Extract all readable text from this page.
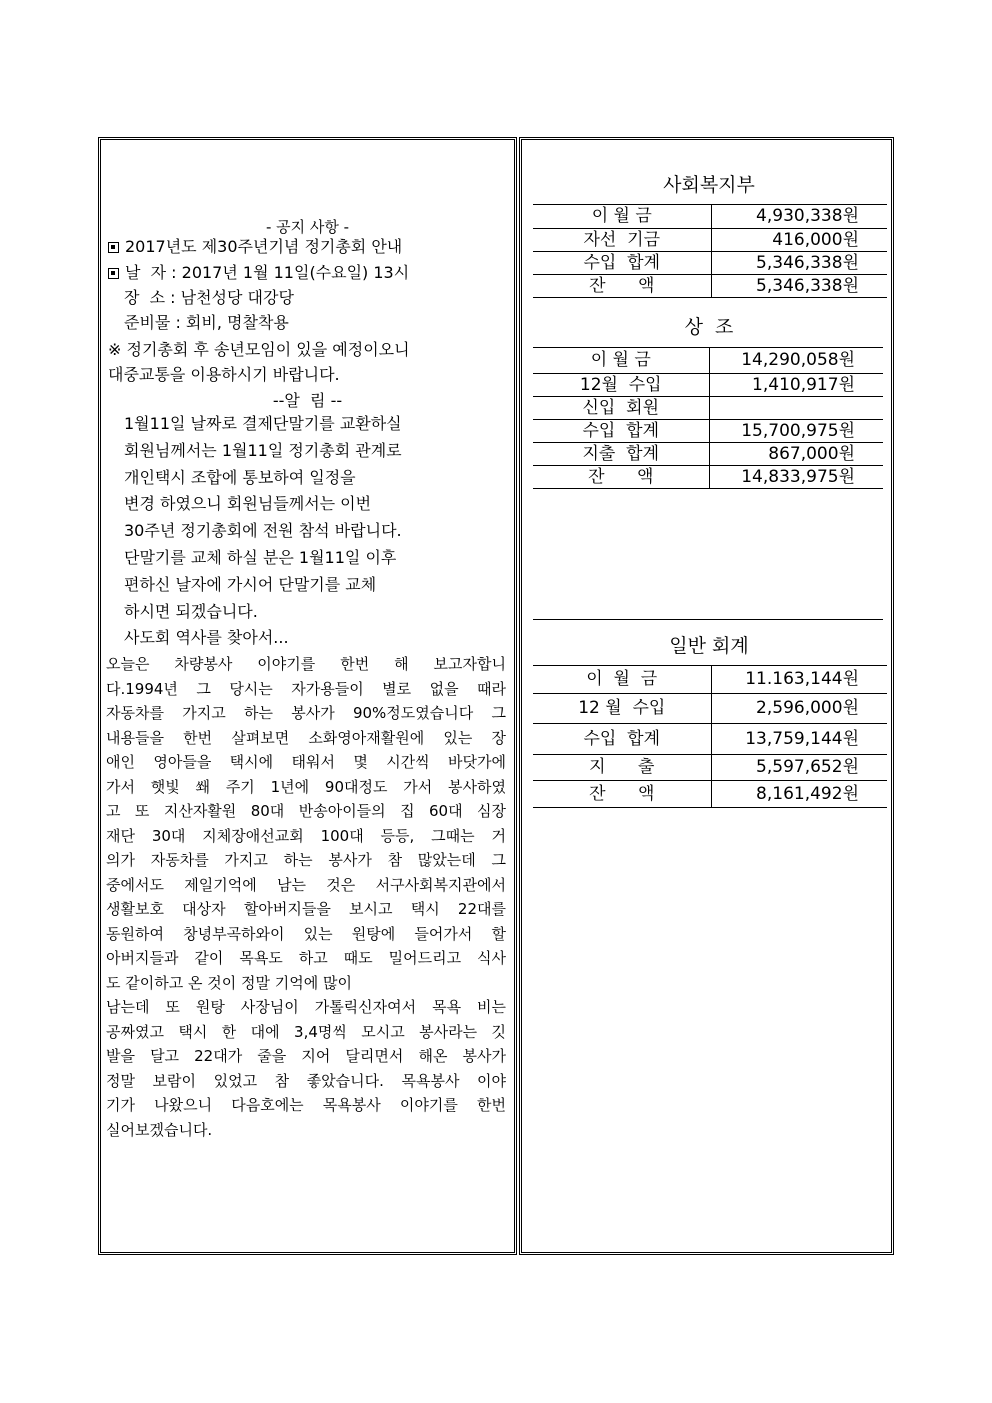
- 공지 사항 -
2017년도 제30주년기념 정기총회 안내
날  자 : 2017년 1월 11일(수요일) 13시
장  소 : 남천성당 대강당
준비물 : 회비, 명찰착용
※ 정기총회 후 송년모임이 있을 예정이오니
대중교통을 이용하시기 바랍니다.
--알  림 --
1월11일 날짜로 결제단말기를 교환하실
회원님께서는 1월11일 정기총회 관계로
개인택시 조합에 통보하여 일정을
변경 하였으니 회원님들께서는 이번
30주년 정기총회에 전원 참석 바랍니다.
단말기를 교체 하실 분은 1월11일 이후
편하신 날자에 가시어 단말기를 교체
하시면 되겠습니다.
사도회 역사를 찾아서...
오늘은 차량봉사 이야기를 한번 해 보고자합니
다.1994년 그 당시는 자가용들이 별로 없을 때라
자동차를 가지고 하는 봉사가 90%정도였습니다 그
내용들을 한번 살펴보면 소화영아재활원에 있는 장
애인 영아들을 택시에 태워서 몇 시간씩 바닷가에
가서 햇빛 쐐 주기 1년에 90대정도 가서 봉사하였
고 또 지산자활원 80대 반송아이들의 집 60대 심장
재단 30대 지체장애선교회 100대 등등, 그때는 거
의가 자동차를 가지고 하는 봉사가 참 많았는데 그
중에서도 제일기억에 남는 것은 서구사회복지관에서
생활보호 대상자 할아버지들을 보시고 택시 22대를
동원하여 창녕부곡하와이 있는 원탕에 들어가서 할
아버지들과 같이 목욕도 하고 때도 밀어드리고 식사
도 같이하고 온 것이 정말 기억에 많이
남는데 또 원탕 사장님이 가톨릭신자여서 목욕 비는
공짜였고 택시 한 대에 3,4명씩 모시고 봉사라는 깃
발을 달고 22대가 줄을 지어 달리면서 해온 봉사가
정말 보람이 있었고 참 좋았습니다. 목욕봉사 이야
기가 나왔으니 다음호에는 목욕봉사 이야기를 한번
실어보겠습니다.
사회복지부
이 월 금	4,930,338원
자선  기금	416,000원
수입  합계	5,346,338원
잔      액	5,346,338원
상  조
이 월 금	14,290,058원
12월  수입	1,410,917원
신입  회원	
수입  합계	15,700,975원
지출  합계	867,000원
잔      액	14,833,975원
일반 회계
이  월  금	11.163,144원
12 월  수입	2,596,000원
수입  합계	13,759,144원
지      출	5,597,652원
잔      액	8,161,492원
